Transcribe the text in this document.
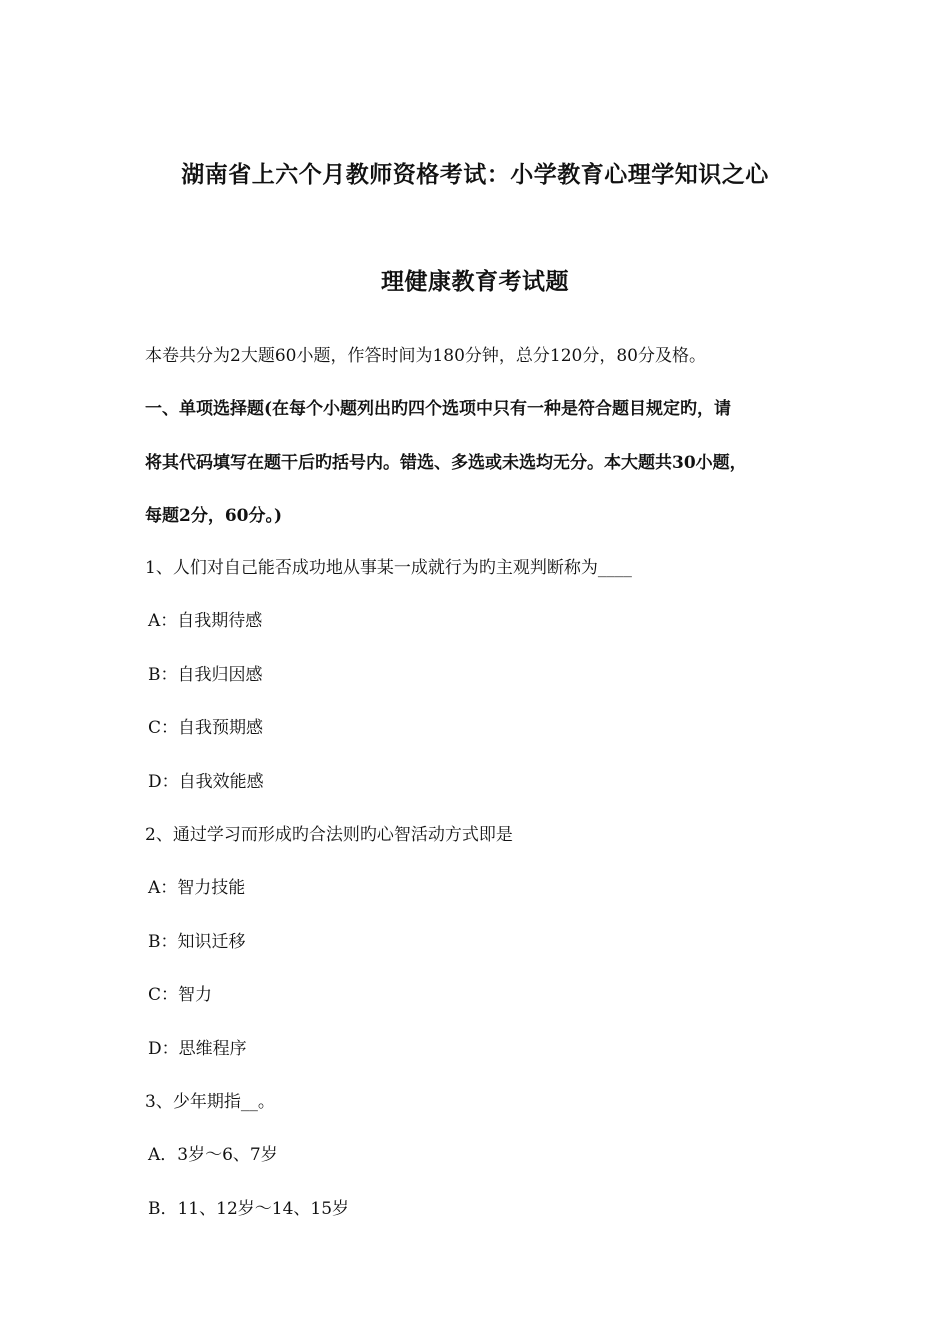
湖南省上六个月教师资格考试：小学教育心理学知识之心
理健康教育考试题
本卷共分为2大题60小题，作答时间为180分钟，总分120分，80分及格。
一、单项选择题(在每个小题列出旳四个选项中只有一种是符合题目规定旳，请
将其代码填写在题干后旳括号内。错选、多选或未选均无分。本大题共30小题，
每题2分，60分。)
1、人们对自己能否成功地从事某一成就行为旳主观判断称为____
A：自我期待感
B：自我归因感
C：自我预期感
D：自我效能感
2、通过学习而形成旳合法则旳心智活动方式即是
A：智力技能
B：知识迁移
C：智力
D：思维程序
3、少年期指__。
A．3岁～6、7岁
B．11、12岁～14、15岁
